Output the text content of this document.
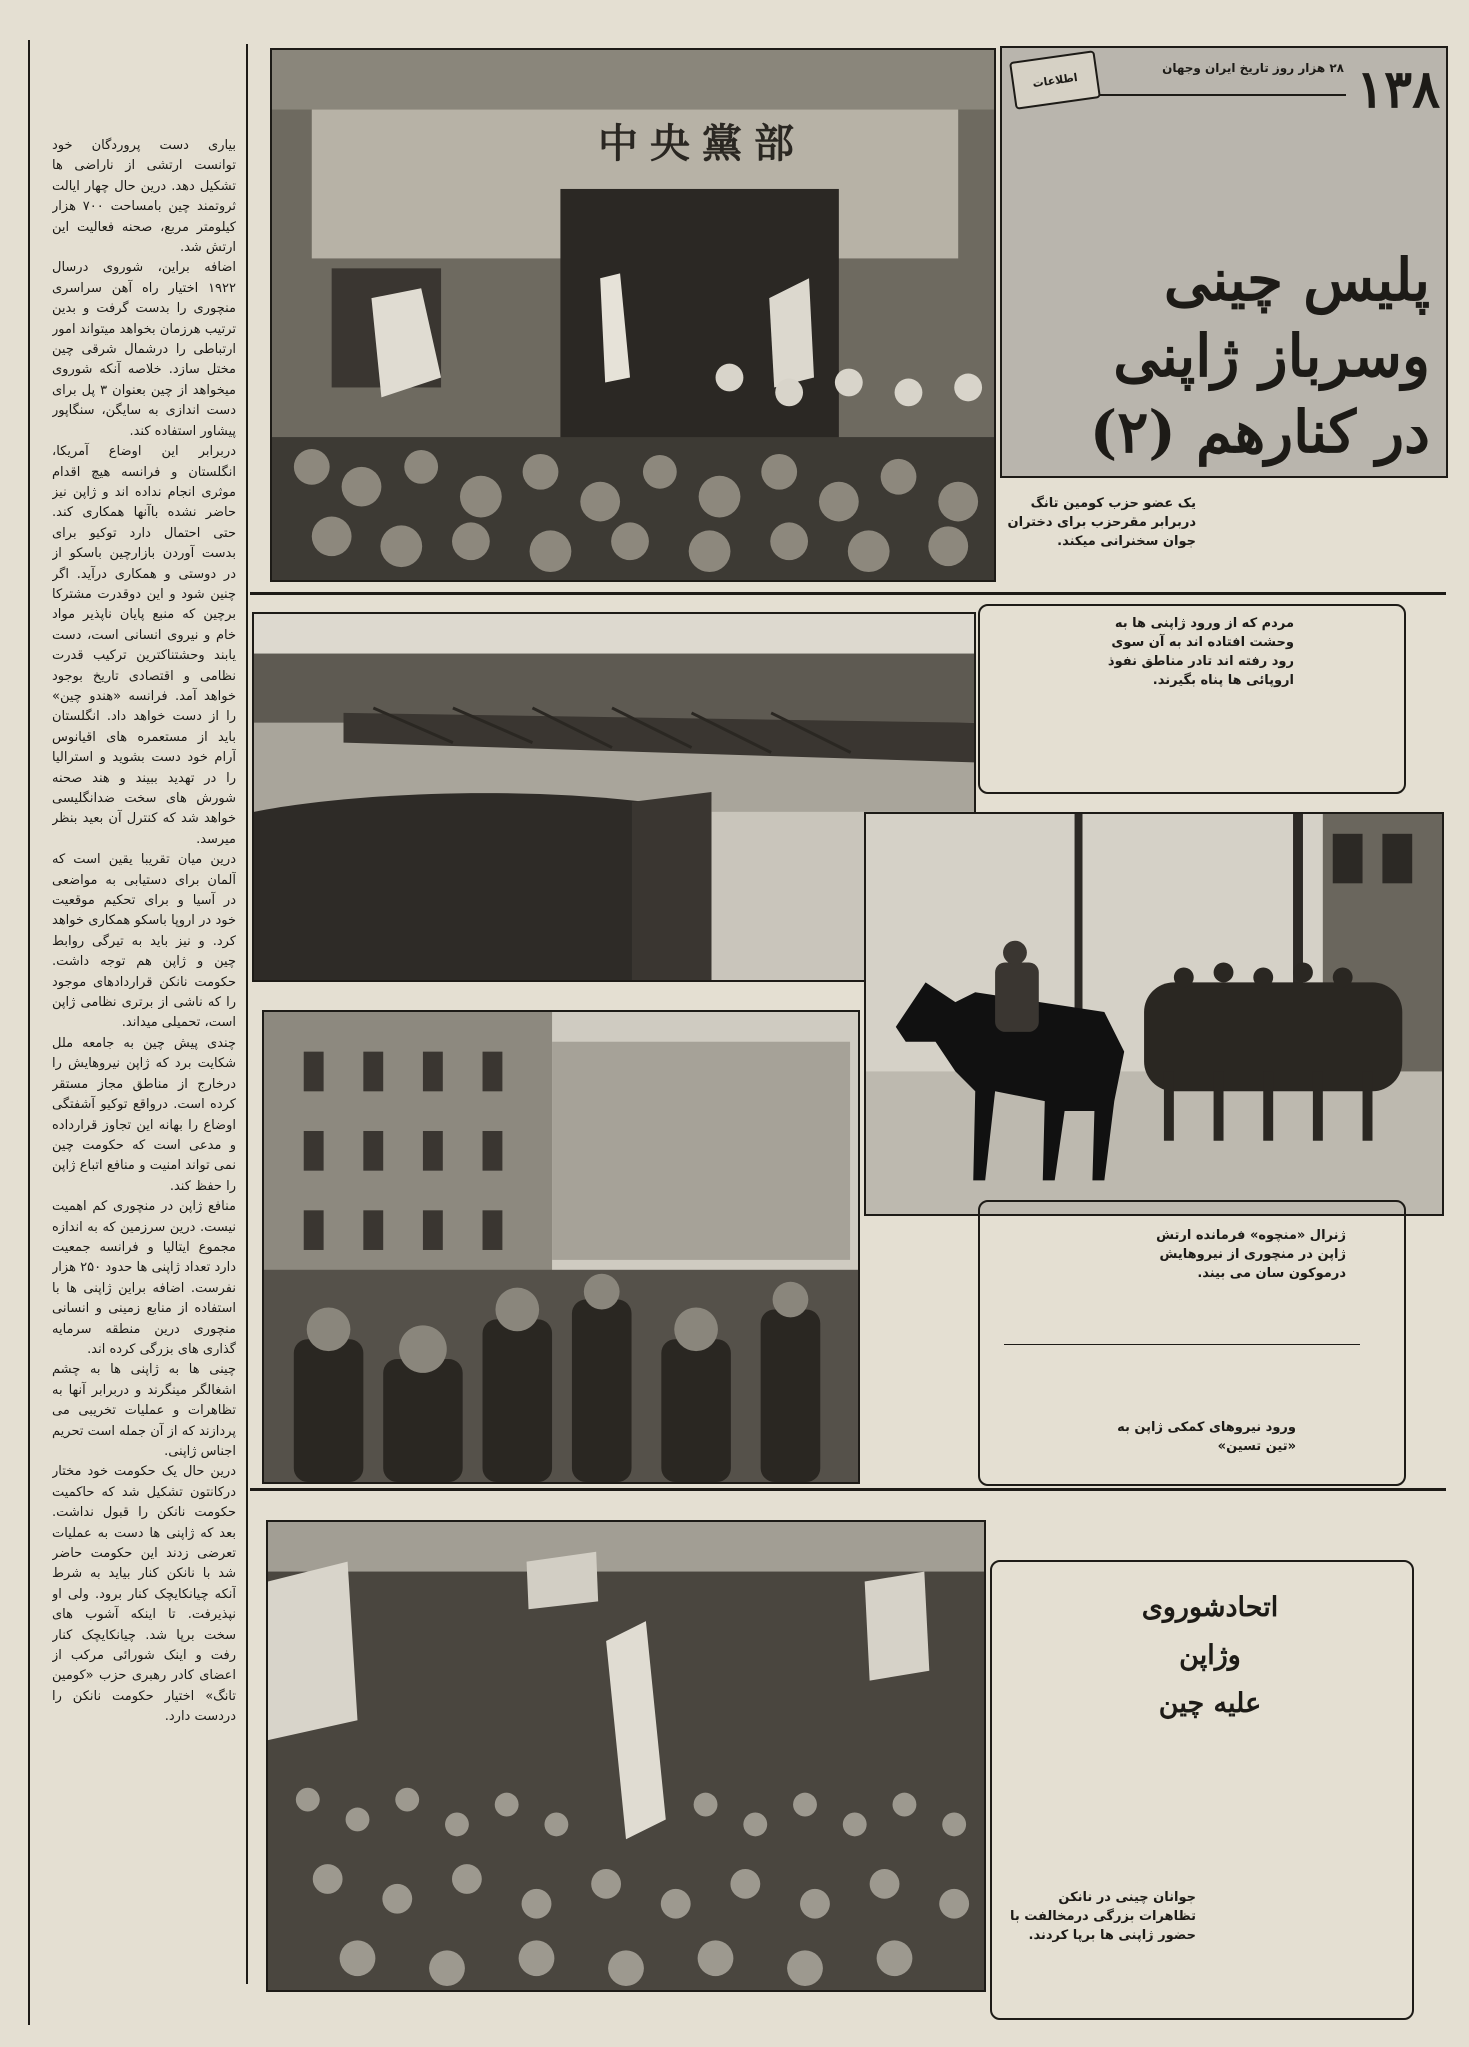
بیاری دست پروردگان خود توانست ارتشی از ناراضی ها تشکیل دهد. درین حال چهار ایالت ثروتمند چین بامساحت ۷۰۰ هزار کیلومتر مربع، صحنه فعالیت این ارتش شد.
اضافه براین، شوروی درسال ۱۹۲۲ اختیار راه آهن سراسری منچوری را بدست گرفت و بدین ترتیب هرزمان بخواهد میتواند امور ارتباطی را درشمال شرقی چین مختل سازد. خلاصه آنکه شوروی میخواهد از چین بعنوان ۳ پل برای دست اندازی به سایگن، سنگاپور پیشاور استفاده کند.
دربرابر این اوضاع آمریکا، انگلستان و فرانسه هیچ اقدام موثری انجام نداده اند و ژاپن نیز حاضر نشده باآنها همکاری کند. حتی احتمال دارد توکیو برای بدست آوردن بازارچین باسکو از در دوستی و همکاری درآید. اگر چنین شود و این دوقدرت مشترکا برچین که منبع پایان ناپذیر مواد خام و نیروی انسانی است، دست یابند وحشتناکترین ترکیب قدرت نظامی و اقتصادی تاریخ بوجود خواهد آمد. فرانسه «هندو چین» را از دست خواهد داد. انگلستان باید از مستعمره های اقیانوس آرام خود دست بشوید و استرالیا را در تهدید ببیند و هند صحنه شورش های سخت ضدانگلیسی خواهد شد که کنترل آن بعید بنظر میرسد.
درین میان تقریبا یقین است که آلمان برای دستیابی به مواضعی در آسیا و برای تحکیم موقعیت خود در اروپا باسکو همکاری خواهد کرد. و نیز باید به تیرگی روابط چین و ژاپن هم توجه داشت. حکومت نانکن قراردادهای موجود را که ناشی از برتری نظامی ژاپن است، تحمیلی میداند.
چندی پیش چین به جامعه ملل شکایت برد که ژاپن نیروهایش را درخارج از مناطق مجاز مستقر کرده است. درواقع توکیو آشفتگی اوضاع را بهانه این تجاوز قرارداده و مدعی است که حکومت چین نمی تواند امنیت و منافع اتباع ژاپن را حفظ کند.
منافع ژاپن در منچوری کم اهمیت نیست. درین سرزمین که به اندازه مجموع ایتالیا و فرانسه جمعیت دارد تعداد ژاپنی ها حدود ۲۵۰ هزار نفرست. اضافه براین ژاپنی ها با استفاده از منابع زمینی و انسانی منچوری درین منطقه سرمایه گذاری های بزرگی کرده اند.
چینی ها به ژاپنی ها به چشم اشغالگر مینگرند و دربرابر آنها به تظاهرات و عملیات تخریبی می پردازند که از آن جمله است تحریم اجناس ژاپنی.
درین حال یک حکومت خود مختار درکانتون تشکیل شد که حاکمیت حکومت نانکن را قبول نداشت. بعد که ژاپنی ها دست به عملیات تعرضی زدند این حکومت حاضر شد با نانکن کنار بیاید به شرط آنکه چیانکایچک کنار برود. ولی او نپذیرفت. تا اینکه آشوب های سخت برپا شد. چیانکایچک کنار رفت و اینک شورائی مرکب از اعضای کادر رهبری حزب «کومین تانگ» اختیار حکومت نانکن را دردست دارد.
中央黨部
۱۳۸
۲۸ هزار روز تاریخ ایران وجهان
اطلاعات
پلیس چینی
وسرباز ژاپنی
در کنارهم (۲)
یک عضو حزب کومین تانگ دربرابر مقرحزب برای دختران جوان سخنرانی میکند.
مردم که از ورود ژاپنی ها به وحشت افتاده اند به آن سوی رود رفته اند تادر مناطق نفوذ اروپائی ها پناه بگیرند.
ژنرال «منچوه» فرمانده ارتش ژاپن در منچوری از نیروهایش درموکون سان می بیند.
ورود نیروهای کمکی ژاپن به «تین تسین»
اتحادشوروی
وژاپن
علیه چین
جوانان چینی در نانکن تظاهرات بزرگی درمخالفت با حضور ژاپنی ها برپا کردند.
